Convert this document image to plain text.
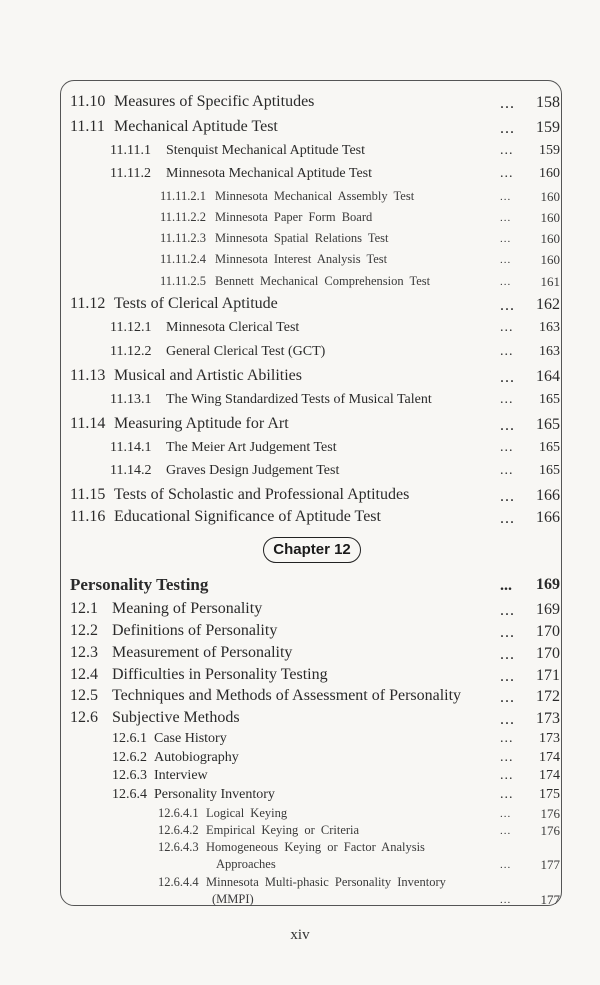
11.10 Measures of Specific Aptitudes	... 158
11.11 Mechanical Aptitude Test	... 159
11.11.1 Stenquist Mechanical Aptitude Test	... 159
11.11.2 Minnesota Mechanical Aptitude Test	... 160
11.11.2.1 Minnesota Mechanical Assembly Test	... 160
11.11.2.2 Minnesota Paper Form Board	... 160
11.11.2.3 Minnesota Spatial Relations Test	... 160
11.11.2.4 Minnesota Interest Analysis Test	... 160
11.11.2.5 Bennett Mechanical Comprehension Test	... 161
11.12 Tests of Clerical Aptitude	... 162
11.12.1 Minnesota Clerical Test	... 163
11.12.2 General Clerical Test (GCT)	... 163
11.13 Musical and Artistic Abilities	... 164
11.13.1 The Wing Standardized Tests of Musical Talent	... 165
11.14 Measuring Aptitude for Art	... 165
11.14.1 The Meier Art Judgement Test	... 165
11.14.2 Graves Design Judgement Test	... 165
11.15 Tests of Scholastic and Professional Aptitudes	... 166
11.16 Educational Significance of Aptitude Test	... 166
Chapter 12
Personality Testing	... 169
12.1 Meaning of Personality	... 169
12.2 Definitions of Personality	... 170
12.3 Measurement of Personality	... 170
12.4 Difficulties in Personality Testing	... 171
12.5 Techniques and Methods of Assessment of Personality ... 172
12.6 Subjective Methods	... 173
12.6.1 Case History	... 173
12.6.2 Autobiography	... 174
12.6.3 Interview	... 174
12.6.4 Personality Inventory	... 175
12.6.4.1 Logical Keying	... 176
12.6.4.2 Empirical Keying or Criteria	... 176
12.6.4.3 Homogeneous Keying or Factor Analysis
Approaches	... 177
12.6.4.4 Minnesota Multi-phasic Personality Inventory
(MMPI)	... 177
xiv
